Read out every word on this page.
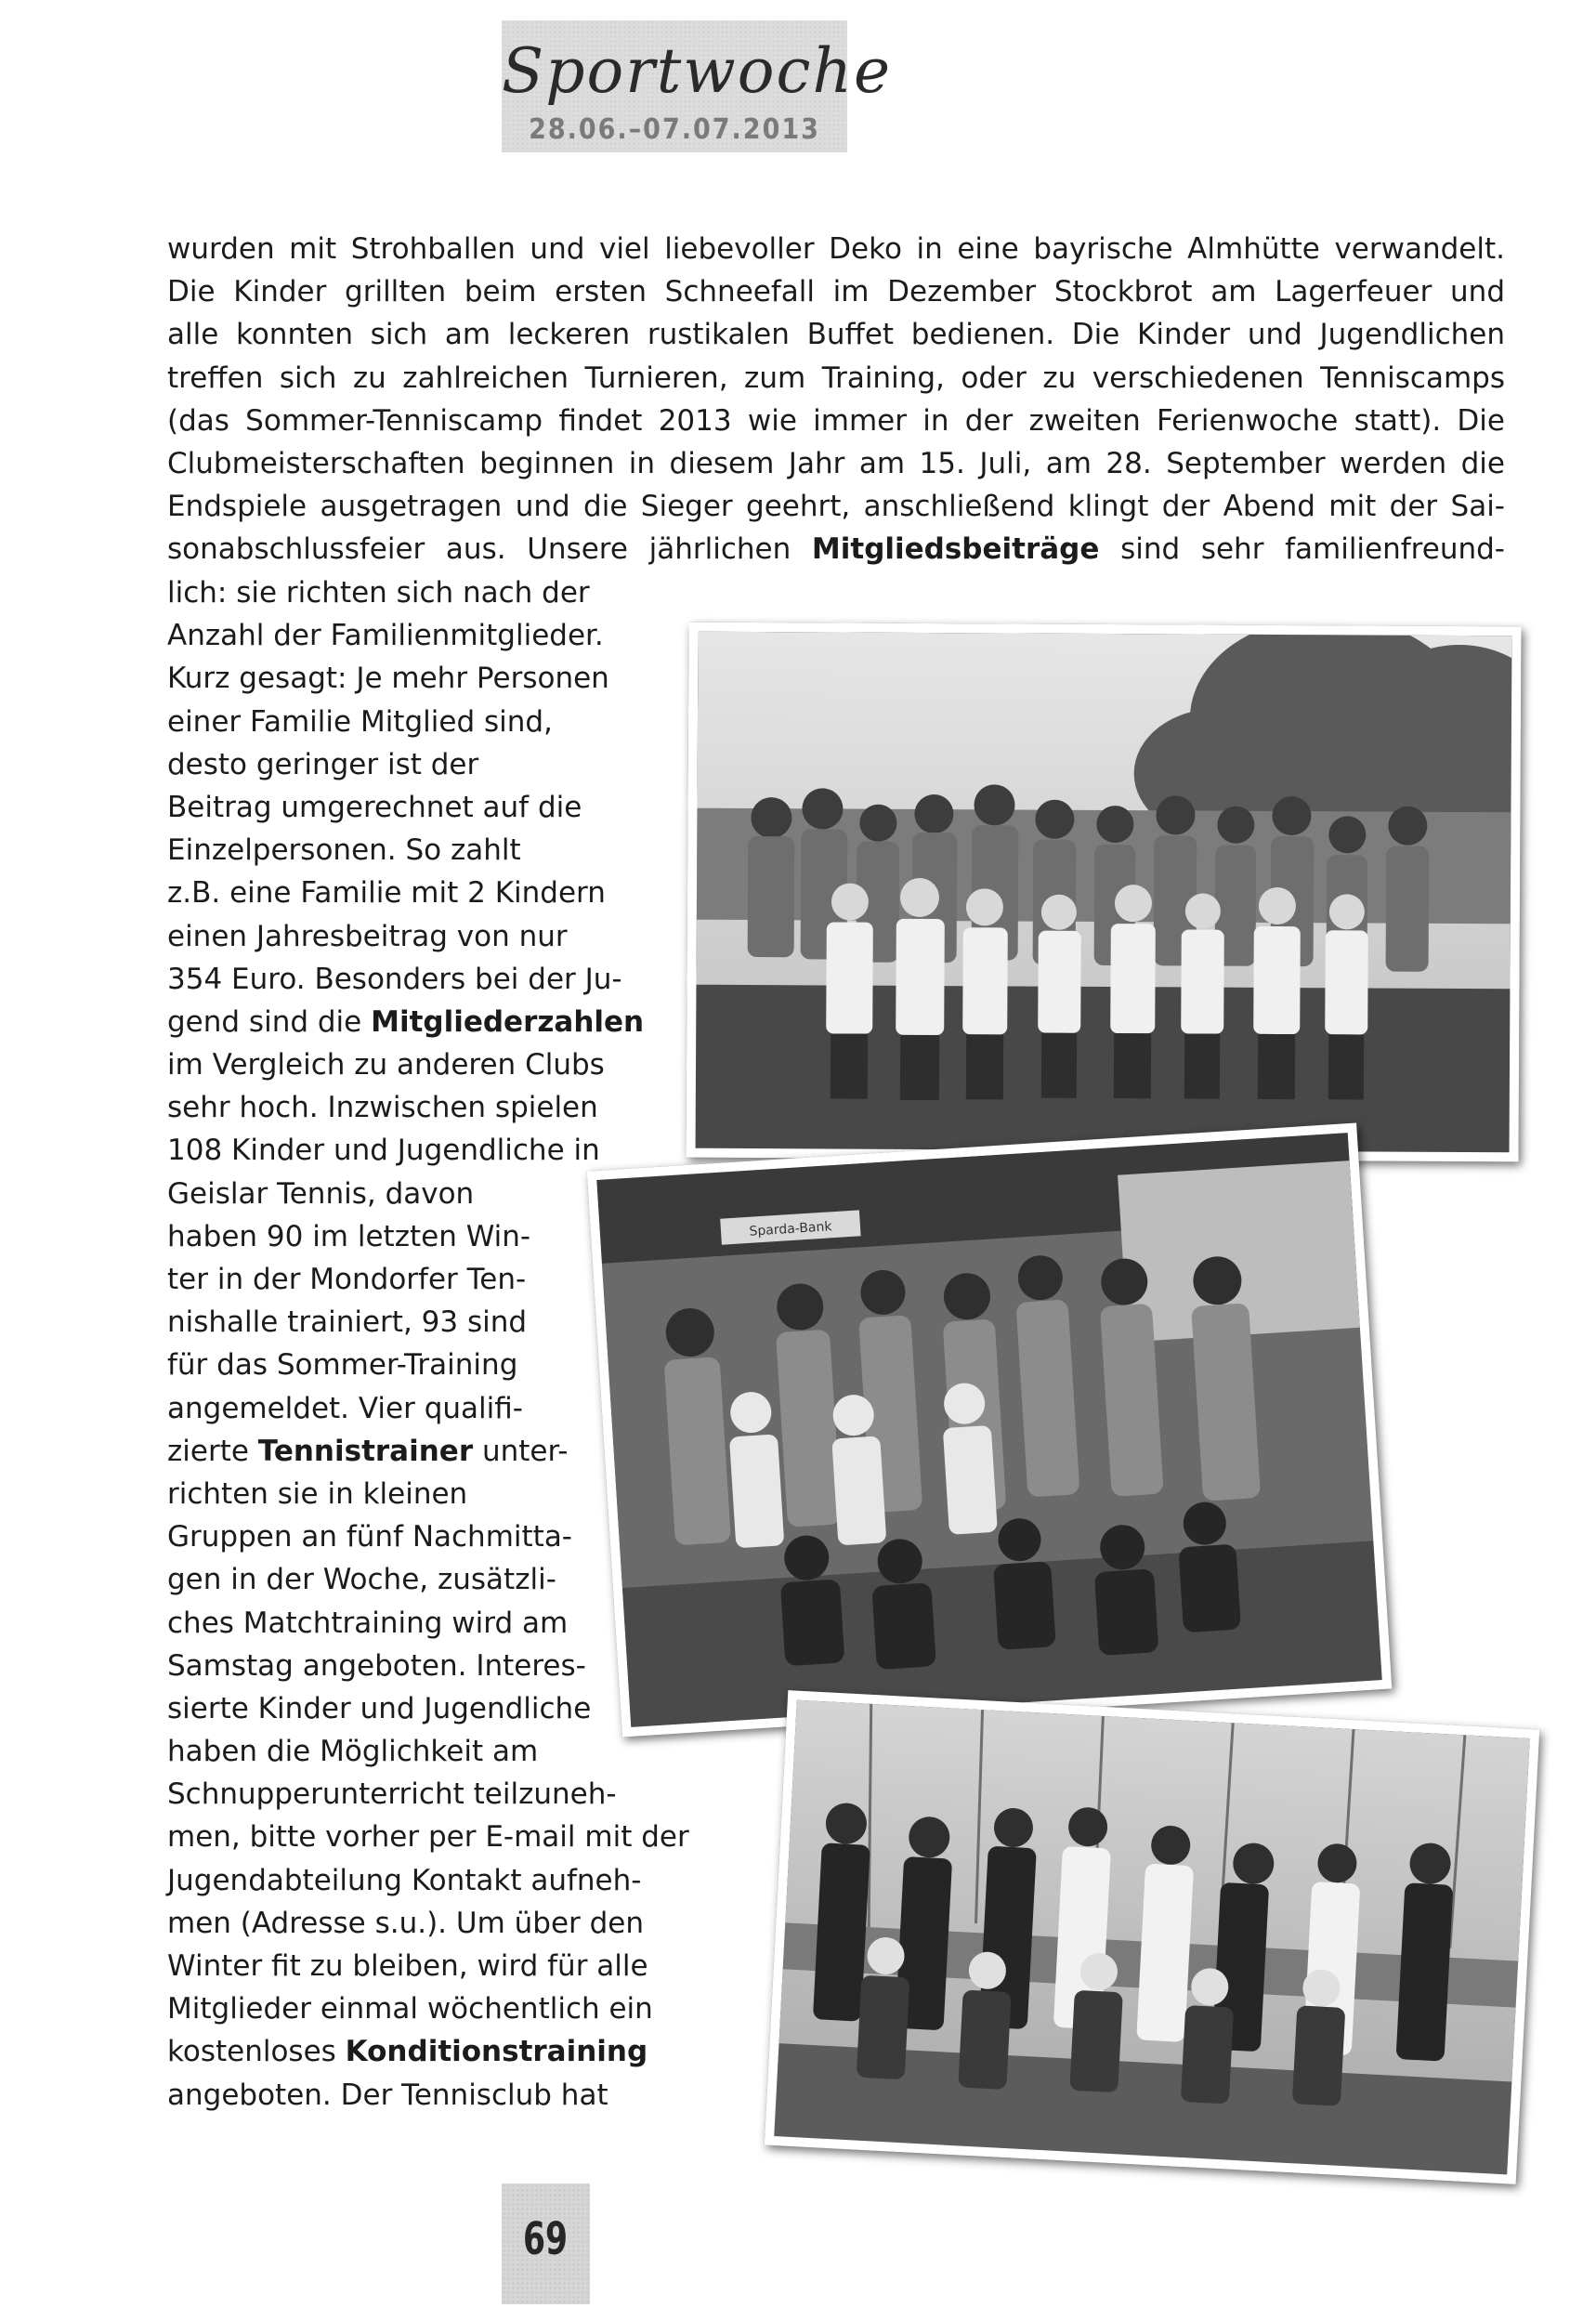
Sportwoche
28.06.–07.07.2013
wurden mit Strohballen und viel liebevoller Deko in eine bayrische Almhütte verwandelt.
Die Kinder grillten beim ersten Schneefall im Dezember Stockbrot am Lagerfeuer und
alle konnten sich am leckeren rustikalen Buffet bedienen. Die Kinder und Jugendlichen
treffen sich zu zahlreichen Turnieren, zum Training, oder zu verschiedenen Tenniscamps
(das Sommer-Tenniscamp findet 2013 wie immer in der zweiten Ferienwoche statt). Die
Clubmeisterschaften beginnen in diesem Jahr am 15. Juli, am 28. September werden die
Endspiele ausgetragen und die Sieger geehrt, anschließend klingt der Abend mit der Sai-
sonabschlussfeier aus. Unsere jährlichen Mitgliedsbeiträge sind sehr familienfreund-
lich: sie richten sich nach der
Anzahl der Familienmitglieder.
Kurz gesagt: Je mehr Personen
einer Familie Mitglied sind,
desto geringer ist der
Beitrag umgerechnet auf die
Einzelpersonen. So zahlt
z.B. eine Familie mit 2 Kindern
einen Jahresbeitrag von nur
354 Euro. Besonders bei der Ju-
gend sind die Mitgliederzahlen
im Vergleich zu anderen Clubs
sehr hoch. Inzwischen spielen
108 Kinder und Jugendliche in
Geislar Tennis, davon
haben 90 im letzten Win-
ter in der Mondorfer Ten-
nishalle trainiert, 93 sind
für das Sommer-Training
angemeldet. Vier qualifi-
zierte Tennistrainer unter-
richten sie in kleinen
Gruppen an fünf Nachmitta-
gen in der Woche, zusätzli-
ches Matchtraining wird am
Samstag angeboten. Interes-
sierte Kinder und Jugendliche
haben die Möglichkeit am
Schnupperunterricht teilzuneh-
men, bitte vorher per E-mail mit der
Jugendabteilung Kontakt aufneh-
men (Adresse s.u.). Um über den
Winter fit zu bleiben, wird für alle
Mitglieder einmal wöchentlich ein
kostenloses Konditionstraining
angeboten. Der Tennisclub hat
Sparda-Bank
69
